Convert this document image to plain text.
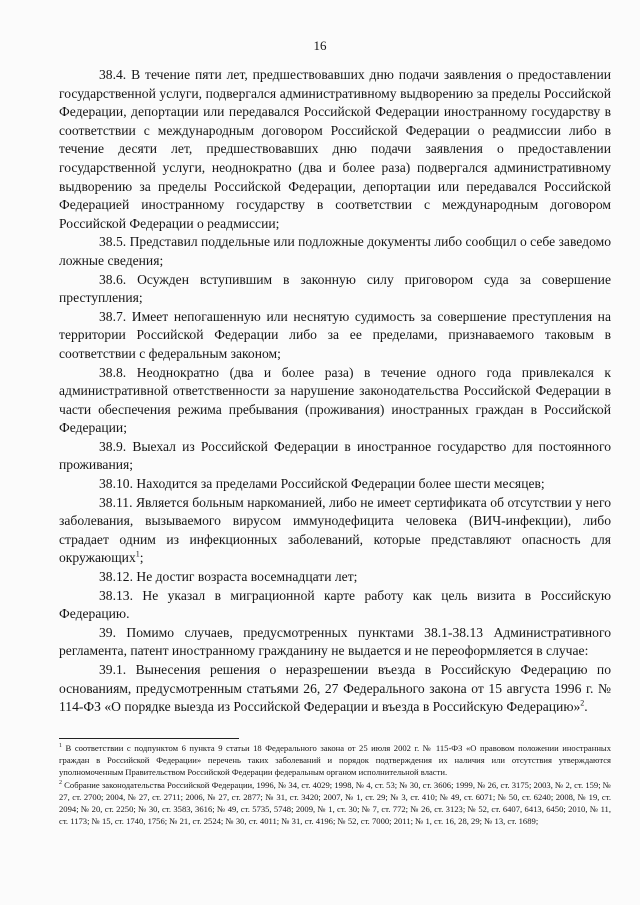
16

38.4. В течение пяти лет, предшествовавших дню подачи заявления о предоставлении государственной услуги, подвергался административному выдворению за пределы Российской Федерации, депортации или передавался Российской Федерации иностранному государству в соответствии с международным договором Российской Федерации о реадмиссии либо в течение десяти лет, предшествовавших дню подачи заявления о предоставлении государственной услуги, неоднократно (два и более раза) подвергался административному выдворению за пределы Российской Федерации, депортации или передавался Российской Федерацией иностранному государству в соответствии с международным договором Российской Федерации о реадмиссии;

38.5. Представил поддельные или подложные документы либо сообщил о себе заведомо ложные сведения;

38.6. Осужден вступившим в законную силу приговором суда за совершение преступления;

38.7. Имеет непогашенную или неснятую судимость за совершение преступления на территории Российской Федерации либо за ее пределами, признаваемого таковым в соответствии с федеральным законом;

38.8. Неоднократно (два и более раза) в течение одного года привлекался к административной ответственности за нарушение законодательства Российской Федерации в части обеспечения режима пребывания (проживания) иностранных граждан в Российской Федерации;

38.9. Выехал из Российской Федерации в иностранное государство для постоянного проживания;

38.10. Находится за пределами Российской Федерации более шести месяцев;

38.11. Является больным наркоманией, либо не имеет сертификата об отсутствии у него заболевания, вызываемого вирусом иммунодефицита человека (ВИЧ-инфекции), либо страдает одним из инфекционных заболеваний, которые представляют опасность для окружающих$^1$;

38.12. Не достиг возраста восемнадцати лет;

38.13. Не указал в миграционной карте работу как цель визита в Российскую Федерацию.

39. Помимо случаев, предусмотренных пунктами 38.1-38.13 Административного регламента, патент иностранному гражданину не выдается и не переоформляется в случае:

39.1. Вынесения решения о неразрешении въезда в Российскую Федерацию по основаниям, предусмотренным статьями 26, 27 Федерального закона от 15 августа 1996 г. № 114-ФЗ «О порядке выезда из Российской Федерации и въезда в Российскую Федерацию»$^2$.

$^1$ В соответствии с подпунктом 6 пункта 9 статьи 18 Федерального закона от 25 июля 2002 г. № 115-ФЗ «О правовом положении иностранных граждан в Российской Федерации» перечень таких заболеваний и порядок подтверждения их наличия или отсутствия утверждаются уполномоченным Правительством Российской Федерации федеральным органом исполнительной власти.

$^2$ Собрание законодательства Российской Федерации, 1996, № 34, ст. 4029; 1998, № 4, ст. 53; № 30, ст. 3606; 1999, № 26, ст. 3175; 2003, № 2, ст. 159; № 27, ст. 2700; 2004, № 27, ст. 2711; 2006, № 27, ст. 2877; № 31, ст. 3420; 2007, № 1, ст. 29; № 3, ст. 410; № 49, ст. 6071; № 50, ст. 6240; 2008, № 19, ст. 2094; № 20, ст. 2250; № 30, ст. 3583, 3616; № 49, ст. 5735, 5748; 2009, № 1, ст. 30; № 7, ст. 772; № 26, ст. 3123; № 52, ст. 6407, 6413, 6450; 2010, № 11, ст. 1173; № 15, ст. 1740, 1756; № 21, ст. 2524; № 30, ст. 4011; № 31, ст. 4196; № 52, ст. 7000; 2011; № 1, ст. 16, 28, 29; № 13, ст. 1689;
